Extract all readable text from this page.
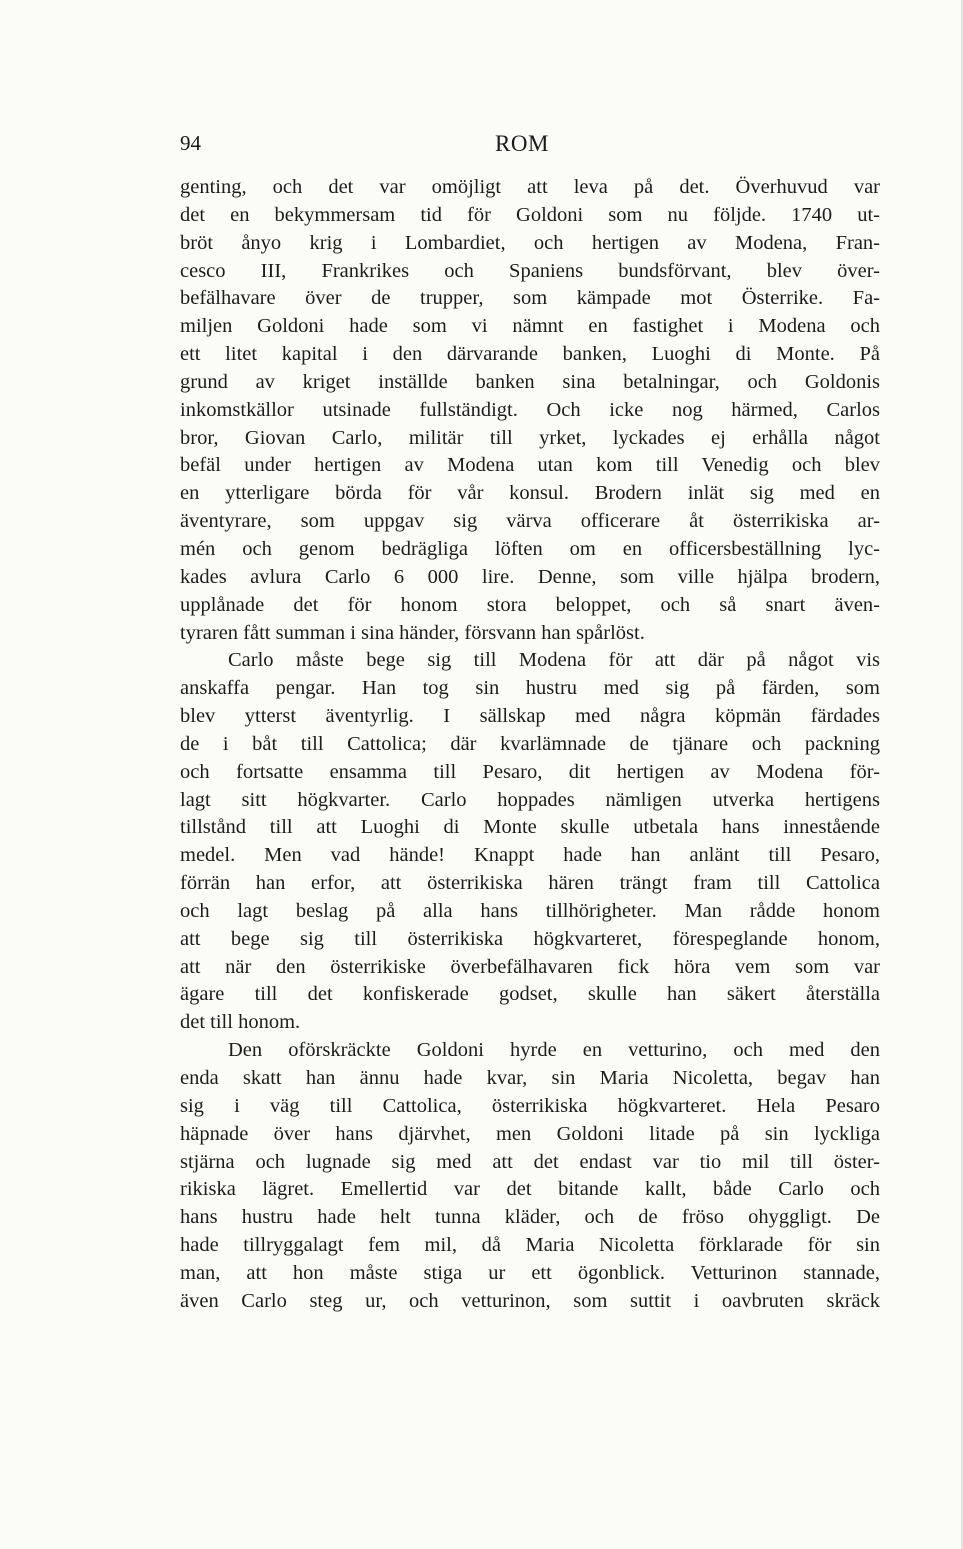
94	ROM
genting, och det var omöjligt att leva på det. Överhuvud var
det en bekymmersam tid för Goldoni som nu följde. 1740 ut-
bröt ånyo krig i Lombardiet, och hertigen av Modena, Fran-
cesco III, Frankrikes och Spaniens bundsförvant, blev över-
befälhavare över de trupper, som kämpade mot Österrike. Fa-
miljen Goldoni hade som vi nämnt en fastighet i Modena och
ett litet kapital i den därvarande banken, Luoghi di Monte. På
grund av kriget inställde banken sina betalningar, och Goldonis
inkomstkällor utsinade fullständigt. Och icke nog härmed, Carlos
bror, Giovan Carlo, militär till yrket, lyckades ej erhålla något
befäl under hertigen av Modena utan kom till Venedig och blev
en ytterligare börda för vår konsul. Brodern inlät sig med en
äventyrare, som uppgav sig värva officerare åt österrikiska ar-
mén och genom bedrägliga löften om en officersbeställning lyc-
kades avlura Carlo 6 000 lire. Denne, som ville hjälpa brodern,
upplånade det för honom stora beloppet, och så snart även-
tyraren fått summan i sina händer, försvann han spårlöst.
Carlo måste bege sig till Modena för att där på något vis
anskaffa pengar. Han tog sin hustru med sig på färden, som
blev ytterst äventyrlig. I sällskap med några köpmän färdades
de i båt till Cattolica; där kvarlämnade de tjänare och packning
och fortsatte ensamma till Pesaro, dit hertigen av Modena för-
lagt sitt högkvarter. Carlo hoppades nämligen utverka hertigens
tillstånd till att Luoghi di Monte skulle utbetala hans innestående
medel. Men vad hände! Knappt hade han anlänt till Pesaro,
förrän han erfor, att österrikiska hären trängt fram till Cattolica
och lagt beslag på alla hans tillhörigheter. Man rådde honom
att bege sig till österrikiska högkvarteret, förespeglande honom,
att när den österrikiske överbefälhavaren fick höra vem som var
ägare till det konfiskerade godset, skulle han säkert återställa
det till honom.
Den oförskräckte Goldoni hyrde en vetturino, och med den
enda skatt han ännu hade kvar, sin Maria Nicoletta, begav han
sig i väg till Cattolica, österrikiska högkvarteret. Hela Pesaro
häpnade över hans djärvhet, men Goldoni litade på sin lyckliga
stjärna och lugnade sig med att det endast var tio mil till öster-
rikiska lägret. Emellertid var det bitande kallt, både Carlo och
hans hustru hade helt tunna kläder, och de fröso ohyggligt. De
hade tillryggalagt fem mil, då Maria Nicoletta förklarade för sin
man, att hon måste stiga ur ett ögonblick. Vetturinon stannade,
även Carlo steg ur, och vetturinon, som suttit i oavbruten skräck
